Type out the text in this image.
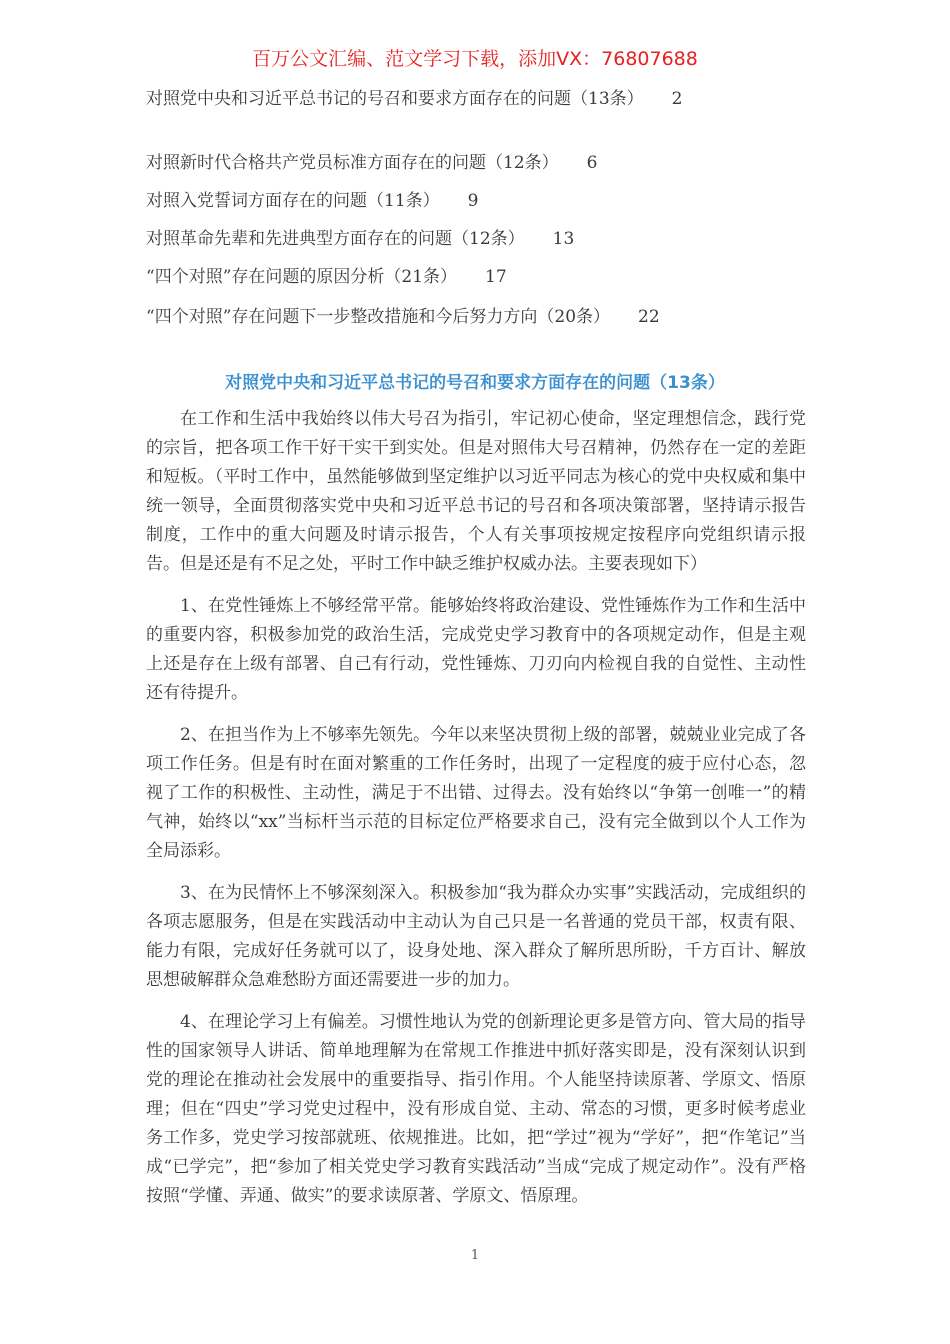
百万公文汇编、范文学习下载，添加VX：76807688
对照党中央和习近平总书记的号召和要求方面存在的问题（13条） 2
对照新时代合格共产党员标准方面存在的问题（12条） 6
对照入党誓词方面存在的问题（11条） 9
对照革命先辈和先进典型方面存在的问题（12条） 13
“四个对照”存在问题的原因分析（21条） 17
“四个对照”存在问题下一步整改措施和今后努力方向（20条） 22
对照党中央和习近平总书记的号召和要求方面存在的问题（13条）

在工作和生活中我始终以伟大号召为指引，牢记初心使命，坚定理想信念，践行党的宗旨，把各项工作干好干实干到实处。但是对照伟大号召精神，仍然存在一定的差距和短板。（平时工作中，虽然能够做到坚定维护以习近平同志为核心的党中央权威和集中统一领导，全面贯彻落实党中央和习近平总书记的号召和各项决策部署，坚持请示报告制度，工作中的重大问题及时请示报告，个人有关事项按规定按程序向党组织请示报告。但是还是有不足之处，平时工作中缺乏维护权威办法。主要表现如下）

1、在党性锤炼上不够经常平常。能够始终将政治建设、党性锤炼作为工作和生活中的重要内容，积极参加党的政治生活，完成党史学习教育中的各项规定动作，但是主观上还是存在上级有部署、自己有行动，党性锤炼、刀刃向内检视自我的自觉性、主动性还有待提升。

2、在担当作为上不够率先领先。今年以来坚决贯彻上级的部署，兢兢业业完成了各项工作任务。但是有时在面对繁重的工作任务时，出现了一定程度的疲于应付心态，忽视了工作的积极性、主动性，满足于不出错、过得去。没有始终以“争第一创唯一”的精气神，始终以“xx”当标杆当示范的目标定位严格要求自己，没有完全做到以个人工作为全局添彩。

3、在为民情怀上不够深刻深入。积极参加“我为群众办实事”实践活动，完成组织的各项志愿服务，但是在实践活动中主动认为自己只是一名普通的党员干部，权责有限、能力有限，完成好任务就可以了，设身处地、深入群众了解所思所盼，千方百计、解放思想破解群众急难愁盼方面还需要进一步的加力。

4、在理论学习上有偏差。习惯性地认为党的创新理论更多是管方向、管大局的指导性的国家领导人讲话、简单地理解为在常规工作推进中抓好落实即是，没有深刻认识到党的理论在推动社会发展中的重要指导、指引作用。个人能坚持读原著、学原文、悟原理；但在“四史”学习党史过程中，没有形成自觉、主动、常态的习惯，更多时候考虑业务工作多，党史学习按部就班、依规推进。比如，把“学过”视为“学好”，把“作笔记”当成“已学完”，把“参加了相关党史学习教育实践活动”当成“完成了规定动作”。没有严格按照“学懂、弄通、做实”的要求读原著、学原文、悟原理。

1
